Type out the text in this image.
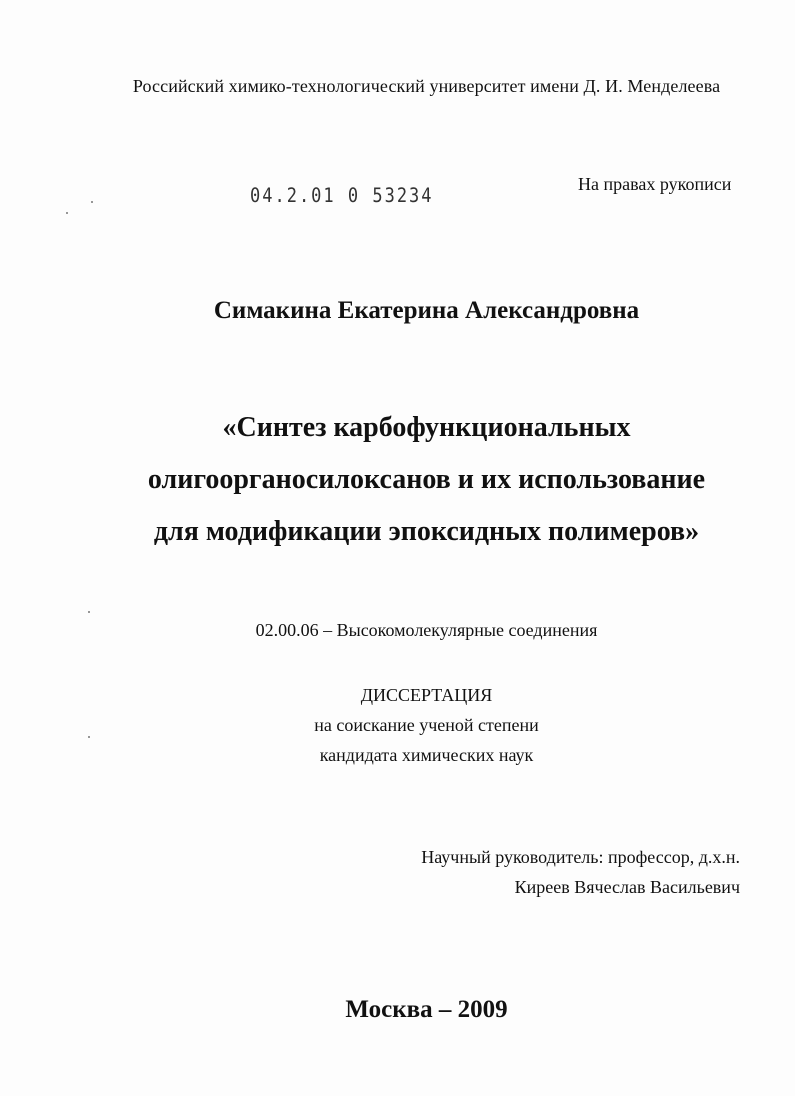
Российский химико-технологический университет имени Д. И. Менделеева
04.2.01 0 53234
На правах рукописи
Симакина Екатерина Александровна
«Синтез карбофункциональных
олигоорганосилоксанов и их использование
для модификации эпоксидных полимеров»
02.00.06 – Высокомолекулярные соединения
ДИССЕРТАЦИЯ
на соискание ученой степени
кандидата химических наук
Научный руководитель: профессор, д.х.н.
Киреев Вячеслав Васильевич
Москва – 2009
